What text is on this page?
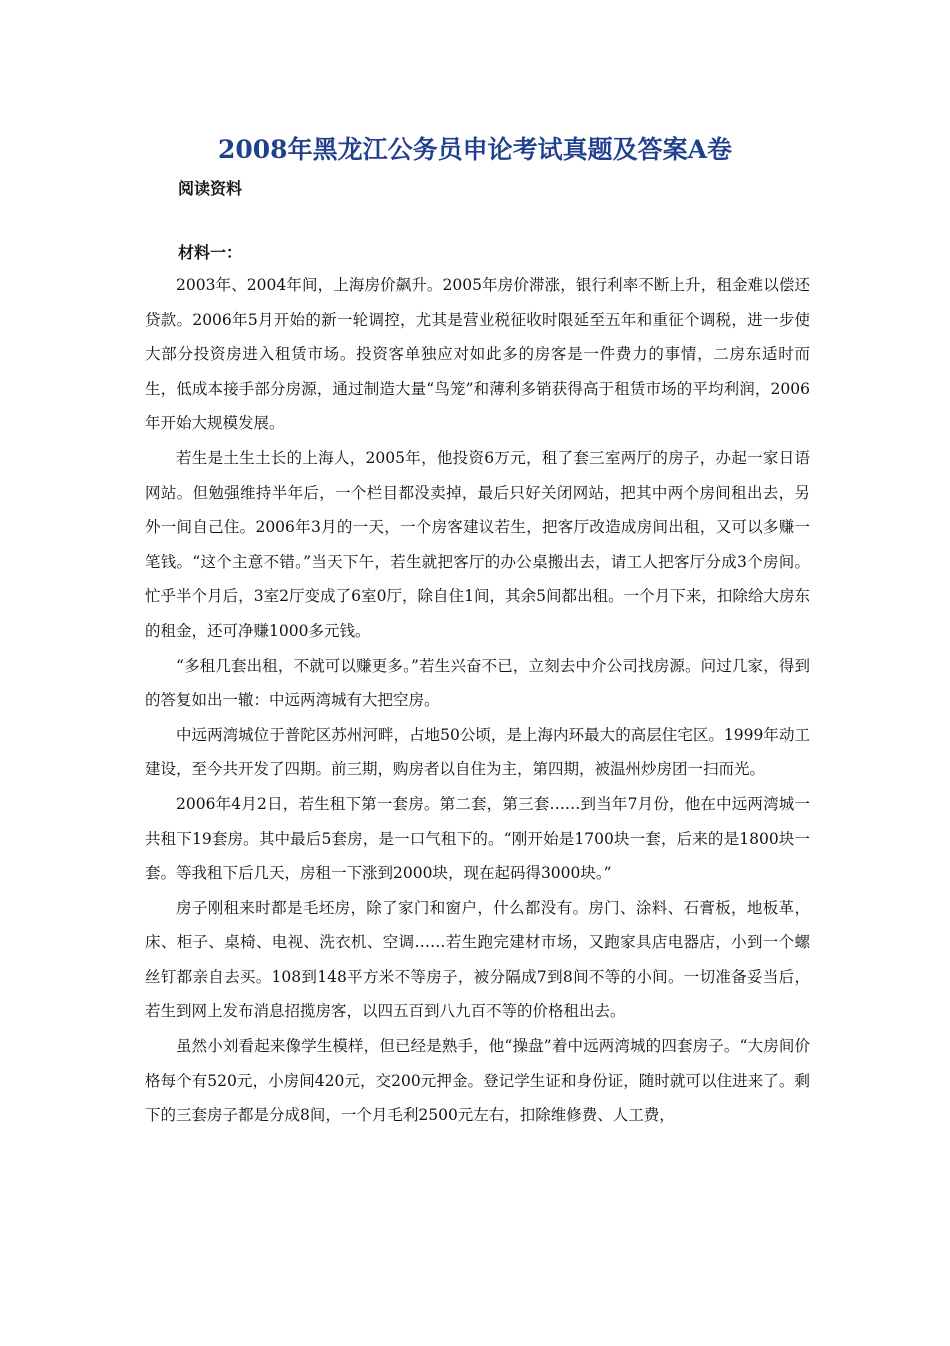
2008年黑龙江公务员申论考试真题及答案A卷
阅读资料
材料一：

2003年、2004年间，上海房价飙升。2005年房价滞涨，银行利率不断上升，租金难以偿还贷款。2006年5月开始的新一轮调控，尤其是营业税征收时限延至五年和重征个调税，进一步使大部分投资房进入租赁市场。投资客单独应对如此多的房客是一件费力的事情，二房东适时而生，低成本接手部分房源，通过制造大量“鸟笼”和薄利多销获得高于租赁市场的平均利润，2006年开始大规模发展。

若生是土生土长的上海人，2005年，他投资6万元，租了套三室两厅的房子，办起一家日语网站。但勉强维持半年后，一个栏目都没卖掉，最后只好关闭网站，把其中两个房间租出去，另外一间自己住。2006年3月的一天，一个房客建议若生，把客厅改造成房间出租，又可以多赚一笔钱。“这个主意不错。”当天下午，若生就把客厅的办公桌搬出去，请工人把客厅分成3个房间。忙乎半个月后，3室2厅变成了6室0厅，除自住1间，其余5间都出租。一个月下来，扣除给大房东的租金，还可净赚1000多元钱。

“多租几套出租，不就可以赚更多。”若生兴奋不已，立刻去中介公司找房源。问过几家，得到的答复如出一辙：中远两湾城有大把空房。

中远两湾城位于普陀区苏州河畔，占地50公顷，是上海内环最大的高层住宅区。1999年动工建设，至今共开发了四期。前三期，购房者以自住为主，第四期，被温州炒房团一扫而光。

2006年4月2日，若生租下第一套房。第二套，第三套……到当年7月份，他在中远两湾城一共租下19套房。其中最后5套房，是一口气租下的。“刚开始是1700块一套，后来的是1800块一套。等我租下后几天，房租一下涨到2000块，现在起码得3000块。”

房子刚租来时都是毛坯房，除了家门和窗户，什么都没有。房门、涂料、石膏板，地板革，床、柜子、桌椅、电视、洗衣机、空调……若生跑完建材市场，又跑家具店电器店，小到一个螺丝钉都亲自去买。108到148平方米不等房子，被分隔成7到8间不等的小间。一切准备妥当后，若生到网上发布消息招揽房客，以四五百到八九百不等的价格租出去。

虽然小刘看起来像学生模样，但已经是熟手，他“操盘”着中远两湾城的四套房子。“大房间价格每个有520元，小房间420元，交200元押金。登记学生证和身份证，随时就可以住进来了。剩下的三套房子都是分成8间，一个月毛利2500元左右，扣除维修费、人工费，
